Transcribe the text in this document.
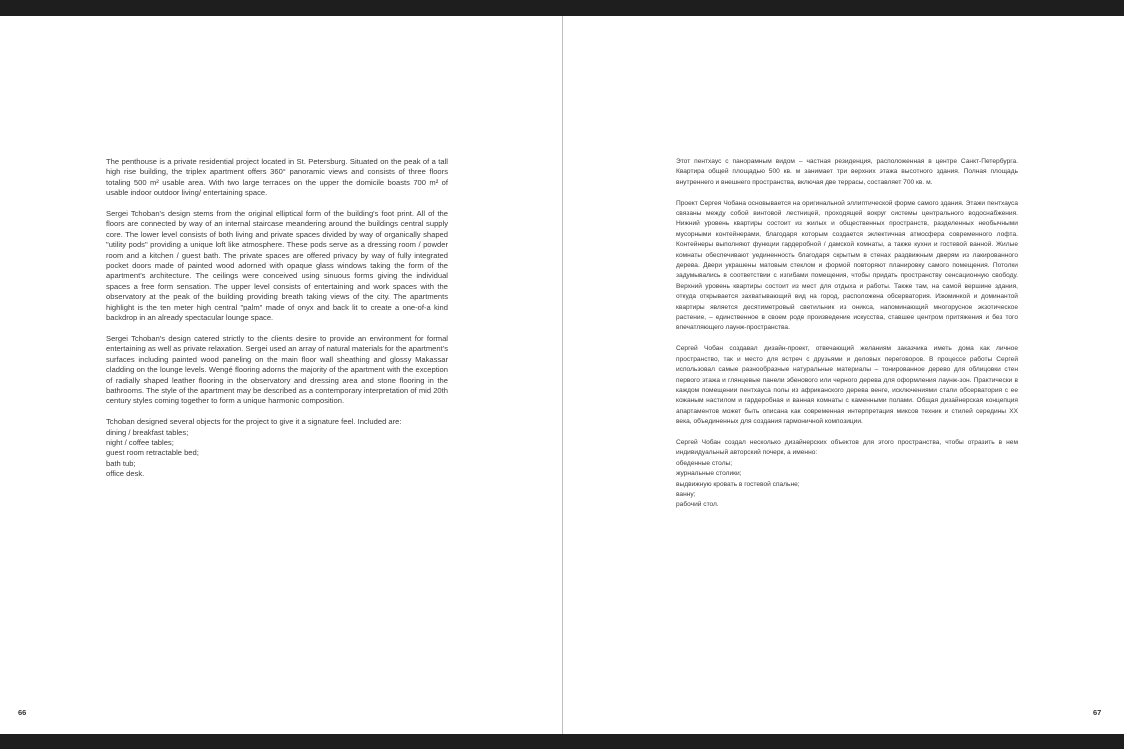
The penthouse is a private residential project located in St. Petersburg. Situated on the peak of a tall high rise building, the triplex apartment offers 360° panoramic views and consists of three floors totaling 500 m² usable area. With two large terraces on the upper the domicile boasts 700 m² of usable indoor outdoor living/ entertaining space.

Sergei Tchoban's design stems from the original elliptical form of the building's foot print. All of the floors are connected by way of an internal staircase meandering around the buildings central supply core. The lower level consists of both living and private spaces divided by way of organically shaped "utility pods" providing a unique loft like atmosphere. These pods serve as a dressing room / powder room and a kitchen / guest bath. The private spaces are offered privacy by way of fully integrated pocket doors made of painted wood adorned with opaque glass windows taking the form of the apartment's architecture. The ceilings were conceived using sinuous forms giving the individual spaces a free form sensation. The upper level consists of entertaining and work spaces with the observatory at the peak of the building providing breath taking views of the city. The apartments highlight is the ten meter high central "palm" made of onyx and back lit to create a one-of-a kind backdrop in an already spectacular lounge space.

Sergei Tchoban's design catered strictly to the clients desire to provide an environment for formal entertaining as well as private relaxation. Sergei used an array of natural materials for the apartment's surfaces including painted wood paneling on the main floor wall sheathing and glossy Makassar cladding on the lounge levels. Wengé flooring adorns the majority of the apartment with the exception of radially shaped leather flooring in the observatory and dressing area and stone flooring in the bathrooms. The style of the apartment may be described as a contemporary interpretation of mid 20th century styles coming together to form a unique harmonic composition.

Tchoban designed several objects for the project to give it a signature feel. Included are:
dining / breakfast tables;
night / coffee tables;
guest room retractable bed;
bath tub;
office desk.
66

Этот пентхаус с панорамным видом – частная резиденция, расположенная в центре Санкт-Петербурга. Квартира общей площадью 500 кв. м занимает три верхних этажа высотного здания. Полная площадь внутреннего и внешнего пространства, включая две террасы, составляет 700 кв. м.

Проект Сергея Чобана основывается на оригинальной эллиптической форме самого здания. Этажи пентхауса связаны между собой винтовой лестницей, проходящей вокруг системы центрального водоснабжения. Нижний уровень квартиры состоит из жилых и общественных пространств, разделенных необычными мусорными контейнерами, благодаря которым создается эклектичная атмосфера современного лофта. Контейнеры выполняют функции гардеробной / дамской комнаты, а также кухни и гостевой ванной. Жилые комнаты обеспечивают уединенность благодаря скрытым в стенах раздвижным дверям из лакированного дерева. Двери украшены матовым стеклом и формой повторяют планировку самого помещения. Потолки задумывались в соответствии с изгибами помещения, чтобы придать пространству сенсационную свободу. Верхний уровень квартиры состоит из мест для отдыха и работы. Также там, на самой вершине здания, откуда открывается захватывающий вид на город, расположена обсерватория. Изюминкой и доминантой квартиры является десятиметровый светильник из оникса, напоминающий многорусное экзотическое растение, – единственное в своем роде произведение искусства, ставшее центром притяжения и без того впечатляющего лаунж-пространства.

Сергей Чобан создавал дизайн-проект, отвечающий желаниям заказчика иметь дома как личное пространство, так и место для встреч с друзьями и деловых переговоров. В процессе работы Сергей использовал самые разнообразные натуральные материалы – тонированное дерево для облицовки стен первого этажа и глянцевые панели эбенового или черного дерева для оформления лаунж-зон. Практически в каждом помещении пентхауса полы из африканского дерева венге, исключениями стали обсерватория с ее кожаным настилом и гардеробная и ванная комнаты с каменными полами. Общая дизайнерская концепция апартаментов может быть описана как современная интерпретация миксов техник и стилей середины XX века, объединенных для создания гармоничной композиции.

Сергей Чобан создал несколько дизайнерских объектов для этого пространства, чтобы отразить в нем индивидуальный авторский почерк, а именно:
обеденные столы;
журнальные столики;
выдвижную кровать в гостевой спальне;
ванну;
рабочий стол.
67
